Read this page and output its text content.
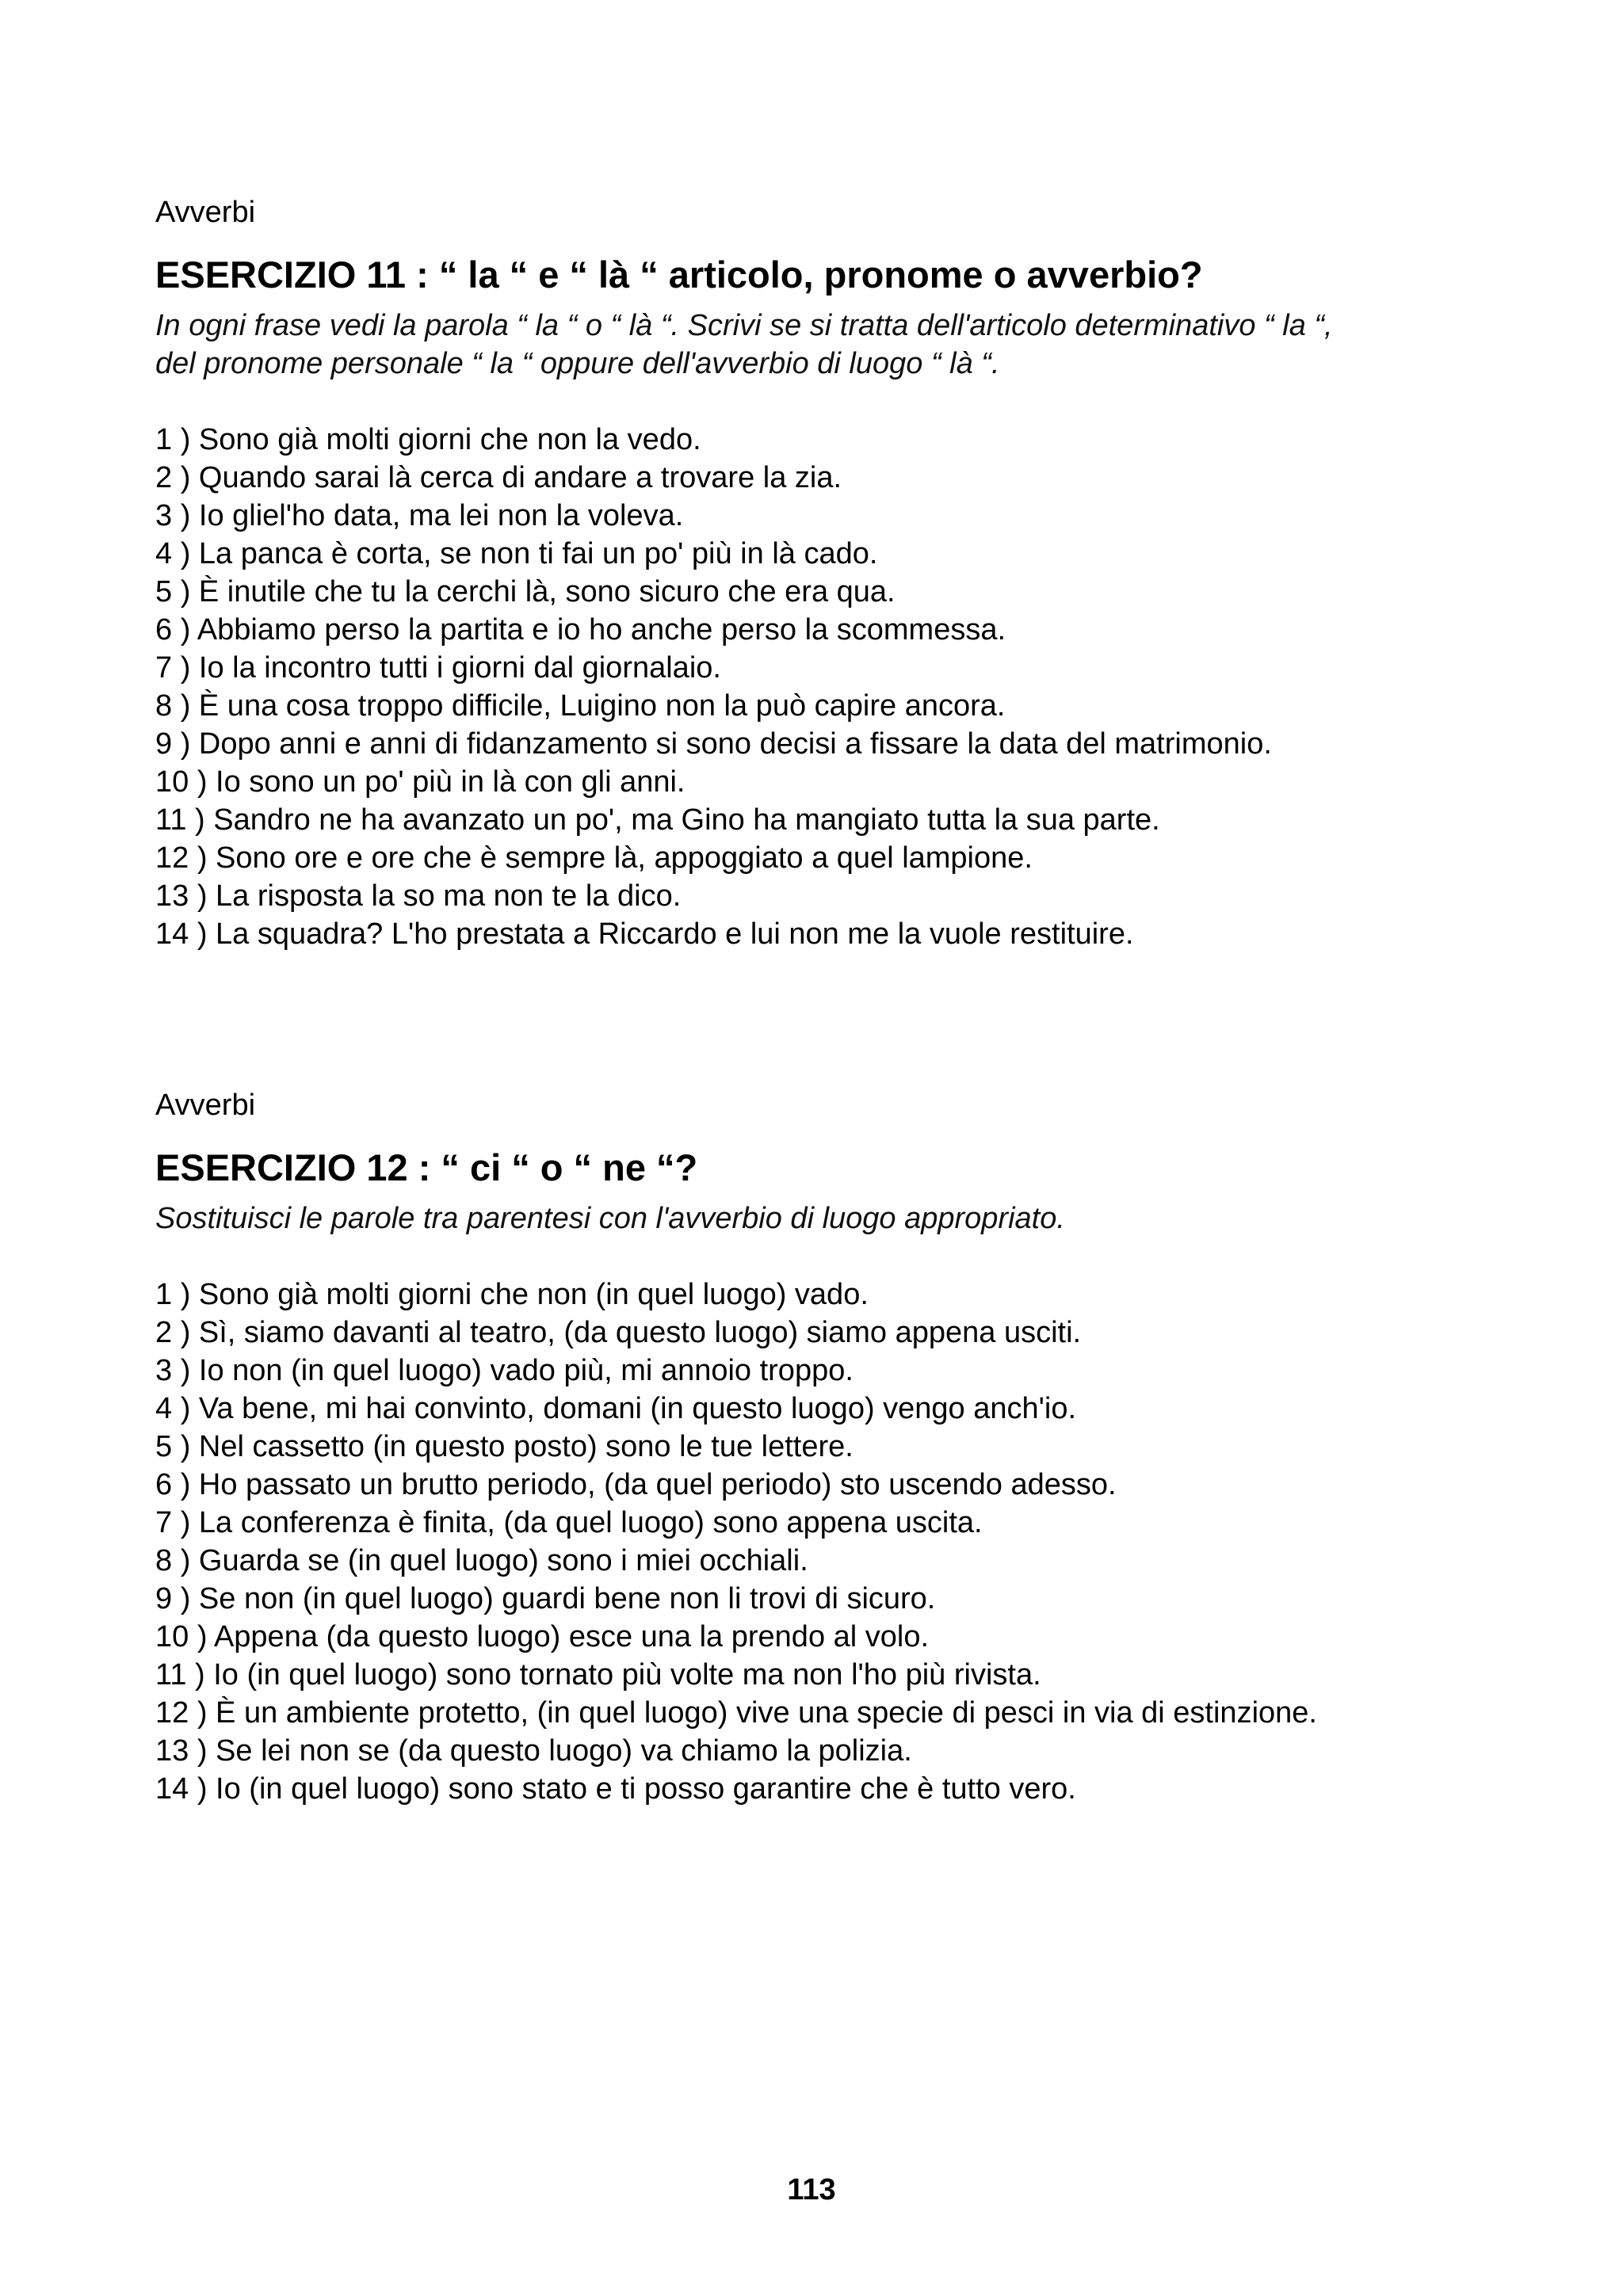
Avverbi

ESERCIZIO 11 : “ la “ e “ là “ articolo, pronome o avverbio?
In ogni frase vedi la parola “ la “ o “ là “. Scrivi se si tratta dell'articolo determinativo “ la “,
del pronome personale “ la “ oppure dell'avverbio di luogo “ là “.
1 ) Sono già molti giorni che non la vedo.
2 ) Quando sarai là cerca di andare a trovare la zia.
3 ) Io gliel'ho data, ma lei non la voleva.
4 ) La panca è corta, se non ti fai un po' più in là cado.
5 ) È inutile che tu la cerchi là, sono sicuro che era qua.
6 ) Abbiamo perso la partita e io ho anche perso la scommessa.
7 ) Io la incontro tutti i giorni dal giornalaio.
8 ) È una cosa troppo difficile, Luigino non la può capire ancora.
9 ) Dopo anni e anni di fidanzamento si sono decisi a fissare la data del matrimonio.
10 ) Io sono un po' più in là con gli anni.
11 ) Sandro ne ha avanzato un po', ma Gino ha mangiato tutta la sua parte.
12 ) Sono ore e ore che è sempre là, appoggiato a quel lampione.
13 ) La risposta la so ma non te la dico.
14 ) La squadra? L'ho prestata a Riccardo e lui non me la vuole restituire.

Avverbi

ESERCIZIO 12 : “ ci “ o “ ne “?
Sostituisci le parole tra parentesi con l'avverbio di luogo appropriato.
1 ) Sono già molti giorni che non (in quel luogo) vado.
2 ) Sì, siamo davanti al teatro, (da questo luogo) siamo appena usciti.
3 ) Io non (in quel luogo) vado più, mi annoio troppo.
4 ) Va bene, mi hai convinto, domani (in questo luogo) vengo anch'io.
5 ) Nel cassetto (in questo posto) sono le tue lettere.
6 ) Ho passato un brutto periodo, (da quel periodo) sto uscendo adesso.
7 ) La conferenza è finita, (da quel luogo) sono appena uscita.
8 ) Guarda se (in quel luogo) sono i miei occhiali.
9 ) Se non (in quel luogo) guardi bene non li trovi di sicuro.
10 ) Appena (da questo luogo) esce una la prendo al volo.
11 ) Io (in quel luogo) sono tornato più volte ma non l'ho più rivista.
12 ) È un ambiente protetto, (in quel luogo) vive una specie di pesci in via di estinzione.
13 ) Se lei non se (da questo luogo) va chiamo la polizia.
14 ) Io (in quel luogo) sono stato e ti posso garantire che è tutto vero.
113
